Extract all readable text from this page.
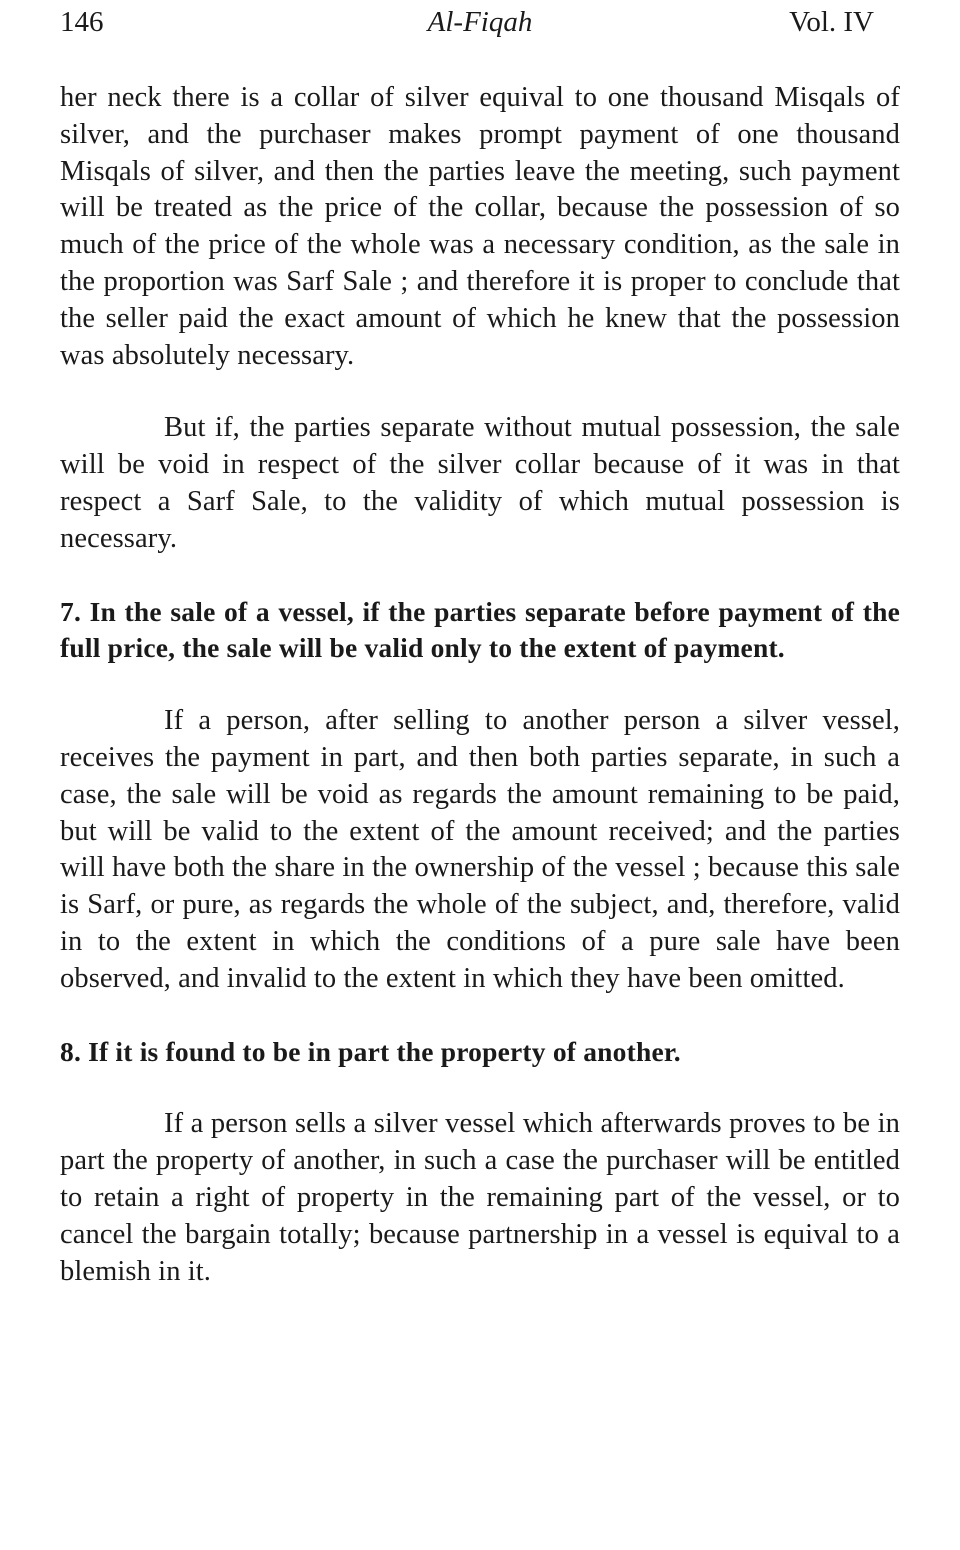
146	Al-Fiqah	Vol. IV

her neck there is a collar of silver equival to one thousand Misqals of silver, and the purchaser makes prompt payment of one thousand Misqals of silver, and then the parties leave the meeting, such payment will be treated as the price of the collar, because the possession of so much of the price of the whole was a necessary condition, as the sale in the proportion was Sarf Sale ; and therefore it is proper to conclude that the seller paid the exact amount of which he knew that the possession was absolutely necessary.

But if, the parties separate without mutual possession, the sale will be void in respect of the silver collar because of it was in that respect a Sarf Sale, to the validity of which mutual possession is necessary.

7. In the sale of a vessel, if the parties separate before payment of the full price, the sale will be valid only to the extent of payment.

If a person, after selling to another person a silver vessel, receives the payment in part, and then both parties separate, in such a case, the sale will be void as regards the amount remaining to be paid, but will be valid to the extent of the amount received; and the parties will have both the share in the ownership of the vessel ; because this sale is Sarf, or pure, as regards the whole of the subject, and, therefore, valid in to the extent in which the conditions of a pure sale have been observed, and invalid to the extent in which they have been omitted.

8. If it is found to be in part the property of another.

If a person sells a silver vessel which afterwards proves to be in part the property of another, in such a case the purchaser will be entitled to retain a right of property in the remaining part of the vessel, or to cancel the bargain totally; because partnership in a vessel is equival to a blemish in it.
